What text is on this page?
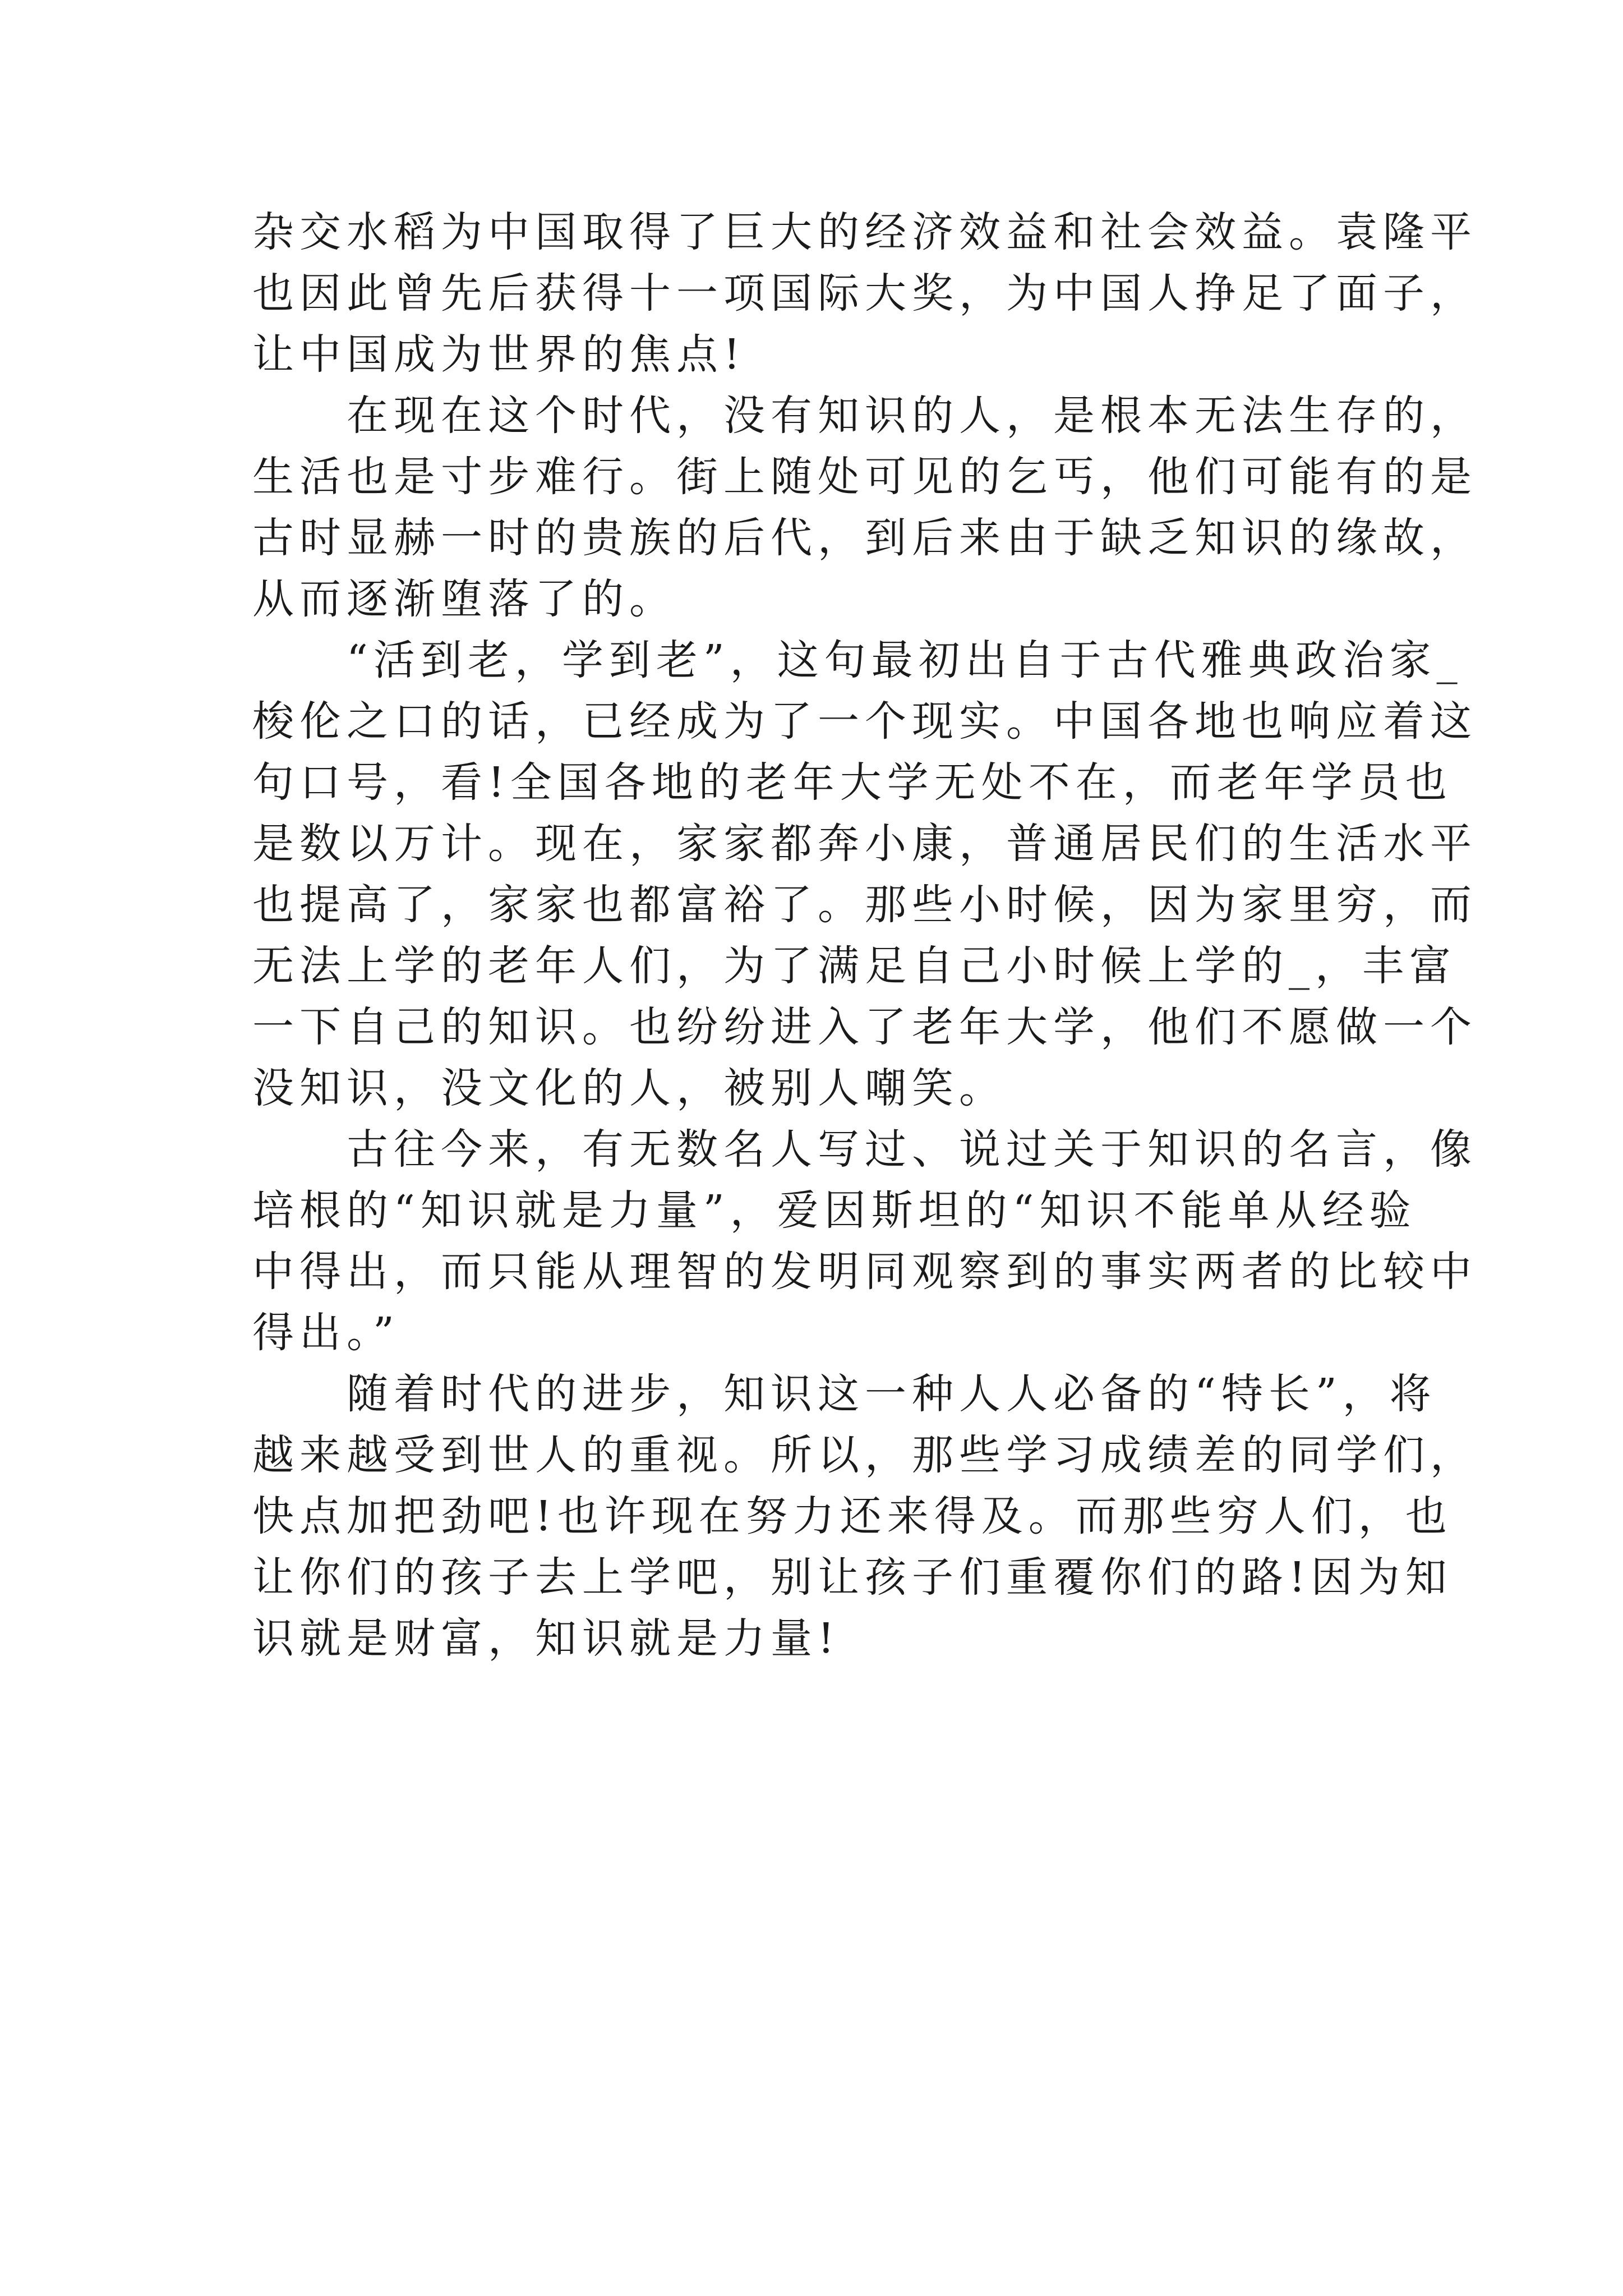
杂交水稻为中国取得了巨大的经济效益和社会效益。袁隆平
也因此曾先后获得十一项国际大奖，为中国人挣足了面子，
让中国成为世界的焦点!
在现在这个时代，没有知识的人，是根本无法生存的，
生活也是寸步难行。街上随处可见的乞丐，他们可能有的是
古时显赫一时的贵族的后代，到后来由于缺乏知识的缘故，
从而逐渐堕落了的。
“活到老，学到老”，这句最初出自于古代雅典政治家_
梭伦之口的话，已经成为了一个现实。中国各地也响应着这
句口号，看!全国各地的老年大学无处不在，而老年学员也
是数以万计。现在，家家都奔小康，普通居民们的生活水平
也提高了，家家也都富裕了。那些小时候，因为家里穷，而
无法上学的老年人们，为了满足自己小时候上学的_，丰富
一下自己的知识。也纷纷进入了老年大学，他们不愿做一个
没知识，没文化的人，被别人嘲笑。
古往今来，有无数名人写过、说过关于知识的名言，像
培根的“知识就是力量”，爱因斯坦的“知识不能单从经验
中得出，而只能从理智的发明同观察到的事实两者的比较中
得出。”
随着时代的进步，知识这一种人人必备的“特长”，将
越来越受到世人的重视。所以，那些学习成绩差的同学们，
快点加把劲吧!也许现在努力还来得及。而那些穷人们，也
让你们的孩子去上学吧，别让孩子们重覆你们的路!因为知
识就是财富，知识就是力量!
